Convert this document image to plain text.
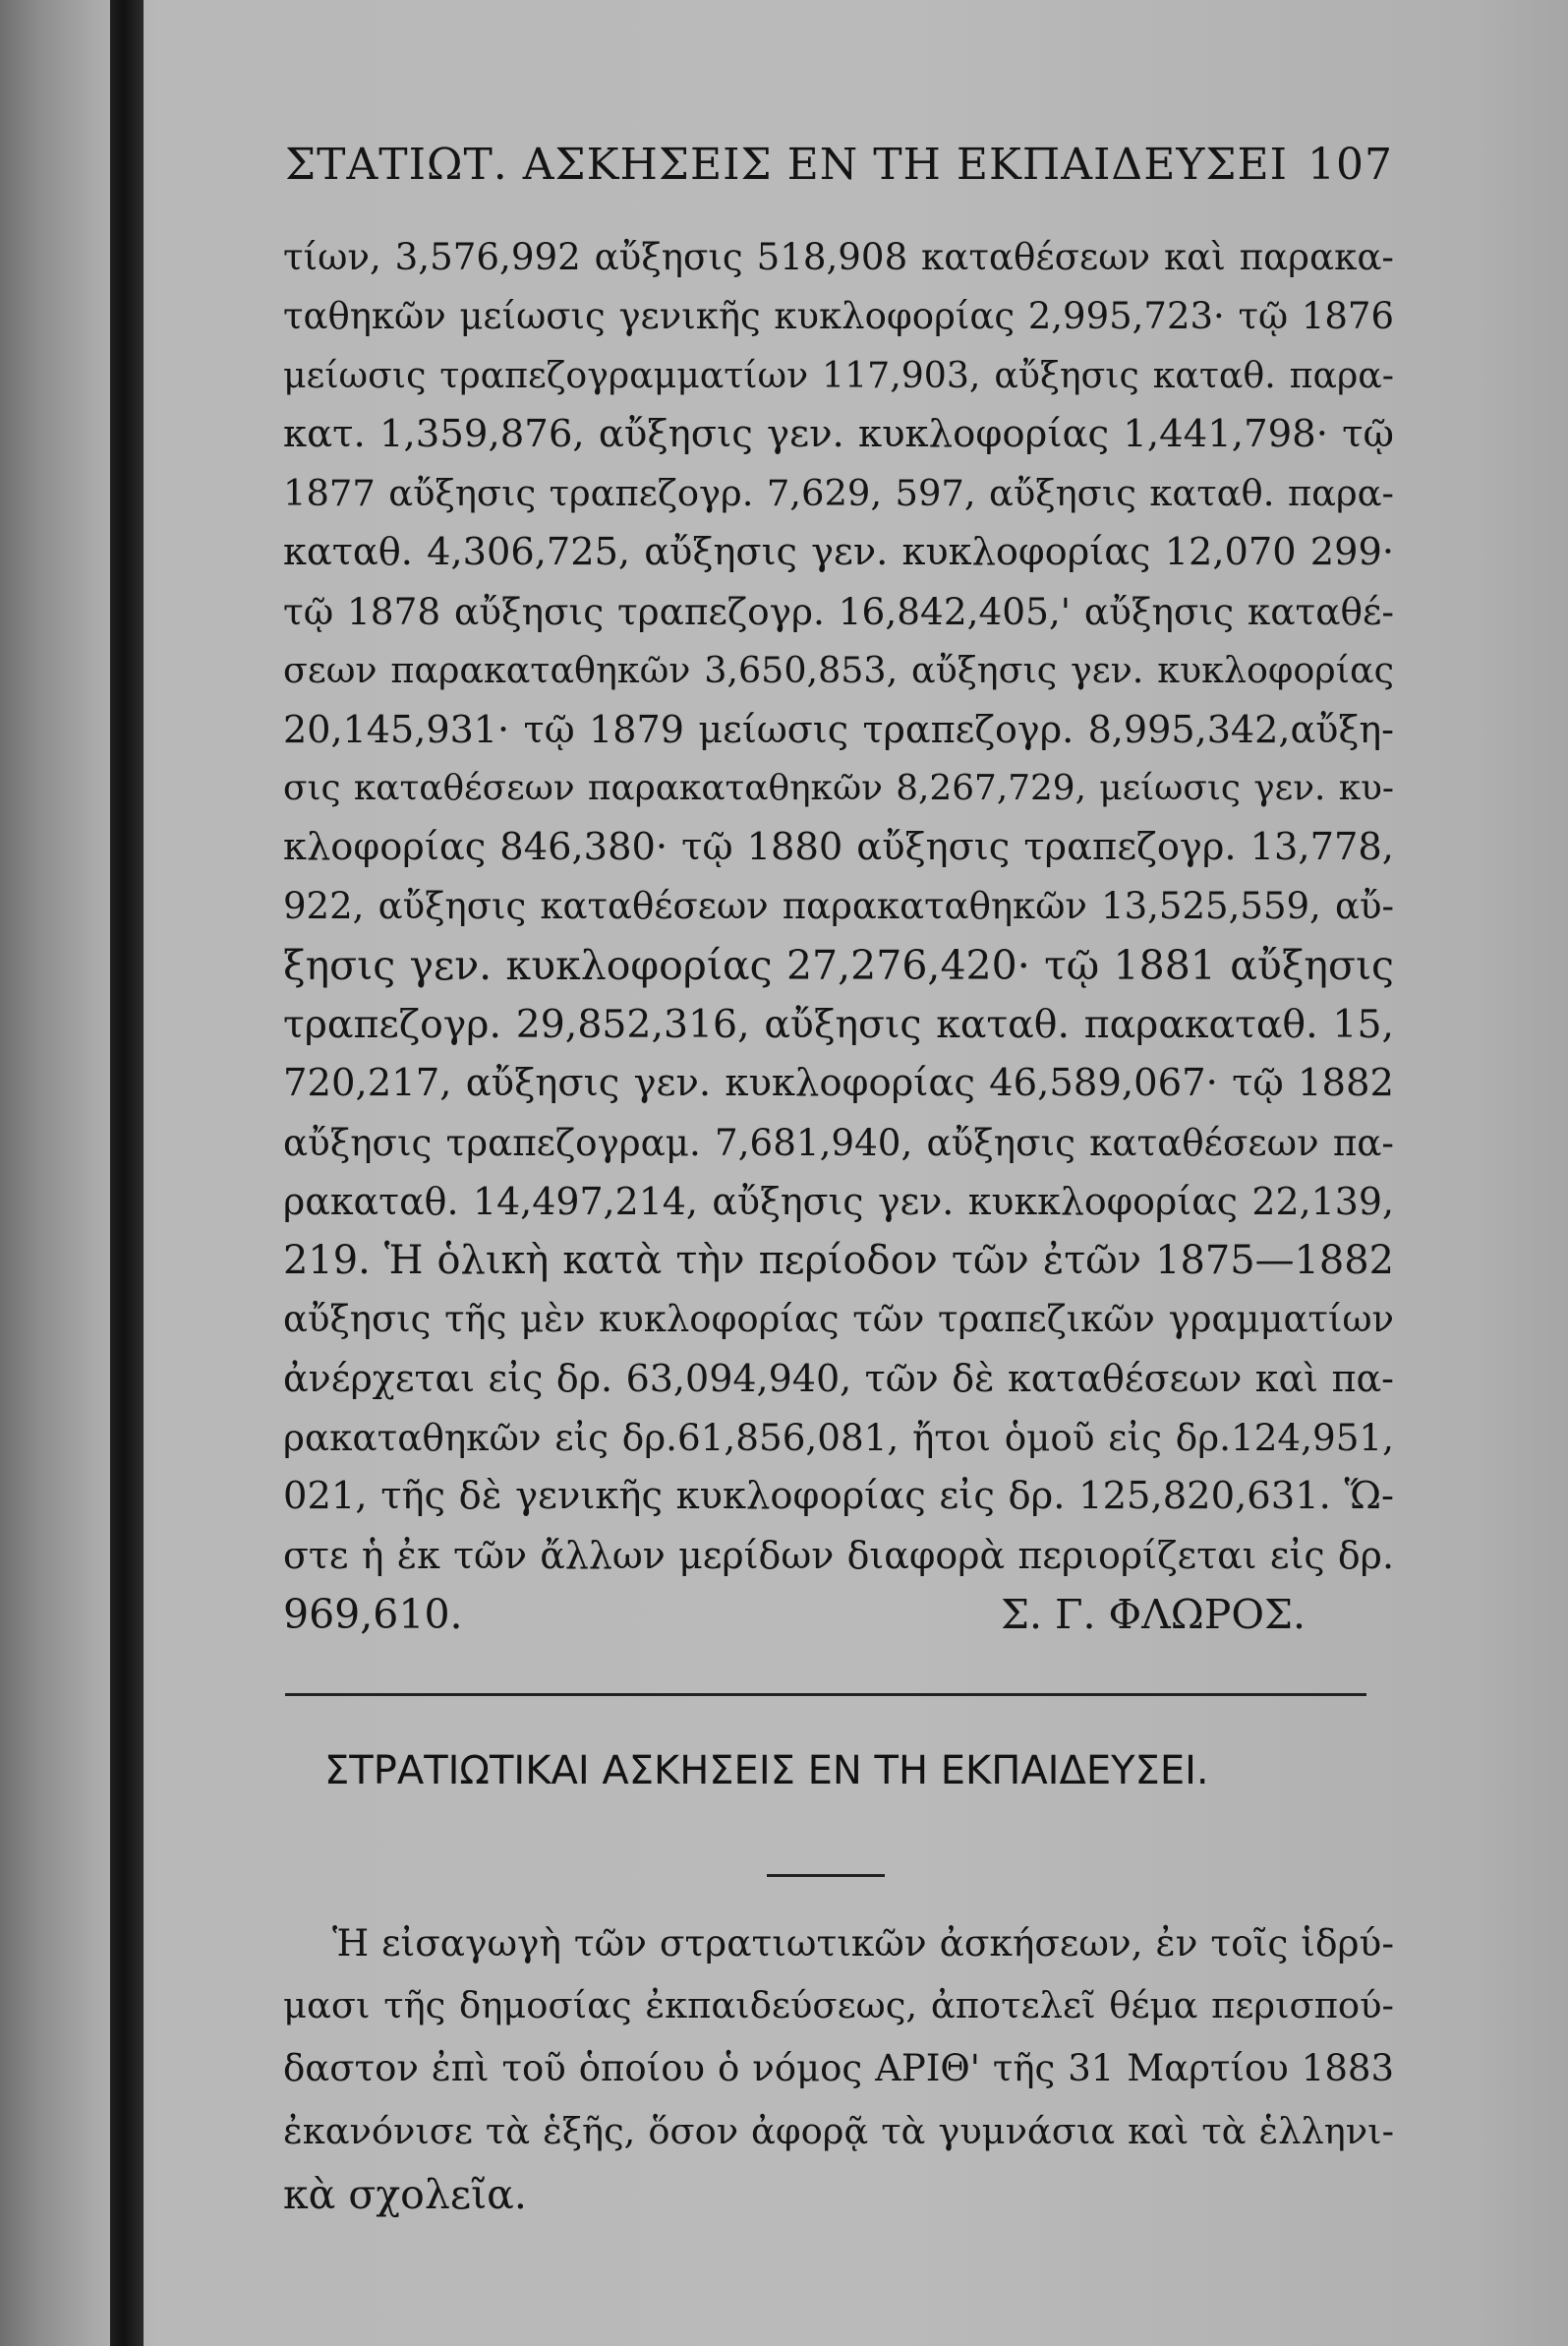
ΣΤΑΤΙΩΤ. ΑΣΚΗΣΕΙΣ ΕΝ ΤΗ ΕΚΠΑΙΔΕΥΣΕΙ 107
τίων, 3,576,992 αὔξησις 518,908 καταθέσεων καὶ παρακα-
ταθηκῶν μείωσις γενικῆς κυκλοφορίας 2,995,723· τῷ 1876
μείωσις τραπεζογραμματίων 117,903, αὔξησις καταθ. παρα-
κατ. 1,359,876, αὔξησις γεν. κυκλοφορίας 1,441,798· τῷ
1877 αὔξησις τραπεζογρ. 7,629, 597, αὔξησις καταθ. παρα-
καταθ. 4,306,725, αὔξησις γεν. κυκλοφορίας 12,070 299·
τῷ 1878 αὔξησις τραπεζογρ. 16,842,405,' αὔξησις καταθέ-
σεων παρακαταθηκῶν 3,650,853, αὔξησις γεν. κυκλοφορίας
20,145,931· τῷ 1879 μείωσις τραπεζογρ. 8,995,342,αὔξη-
σις καταθέσεων παρακαταθηκῶν 8,267,729, μείωσις γεν. κυ-
κλοφορίας 846,380· τῷ 1880 αὔξησις τραπεζογρ. 13,778,
922, αὔξησις καταθέσεων παρακαταθηκῶν 13,525,559, αὔ-
ξησις γεν. κυκλοφορίας 27,276,420· τῷ 1881 αὔξησις
τραπεζογρ. 29,852,316, αὔξησις καταθ. παρακαταθ. 15,
720,217, αὔξησις γεν. κυκλοφορίας 46,589,067· τῷ 1882
αὔξησις τραπεζογραμ. 7,681,940, αὔξησις καταθέσεων πα-
ρακαταθ. 14,497,214, αὔξησις γεν. κυκκλοφορίας 22,139,
219. Ἡ ὁλικὴ κατὰ τὴν περίοδον τῶν ἐτῶν 1875—1882
αὔξησις τῆς μὲν κυκλοφορίας τῶν τραπεζικῶν γραμματίων
ἀνέρχεται εἰς δρ. 63,094,940, τῶν δὲ καταθέσεων καὶ πα-
ρακαταθηκῶν εἰς δρ.61,856,081, ἤτοι ὁμοῦ εἰς δρ.124,951,
021, τῆς δὲ γενικῆς κυκλοφορίας εἰς δρ. 125,820,631. Ὥ-
στε ἡ ἐκ τῶν ἄλλων μερίδων διαφορὰ περιορίζεται εἰς δρ.
969,610.	Σ. Γ. ΦΛΩΡΟΣ.
ΣΤΡΑΤΙΩΤΙΚΑΙ ΑΣΚΗΣΕΙΣ ΕΝ ΤΗ ΕΚΠΑΙΔΕΥΣΕΙ.
Ἡ εἰσαγωγὴ τῶν στρατιωτικῶν ἀσκήσεων, ἐν τοῖς ἱδρύ-
μασι τῆς δημοσίας ἐκπαιδεύσεως, ἀποτελεῖ θέμα περισπού-
δαστον ἐπὶ τοῦ ὁποίου ὁ νόμος ΑΡΙΘ' τῆς 31 Μαρτίου 1883
ἐκανόνισε τὰ ἑξῆς, ὅσον ἀφορᾷ τὰ γυμνάσια καὶ τὰ ἑλληνι-
κὰ σχολεῖα.
